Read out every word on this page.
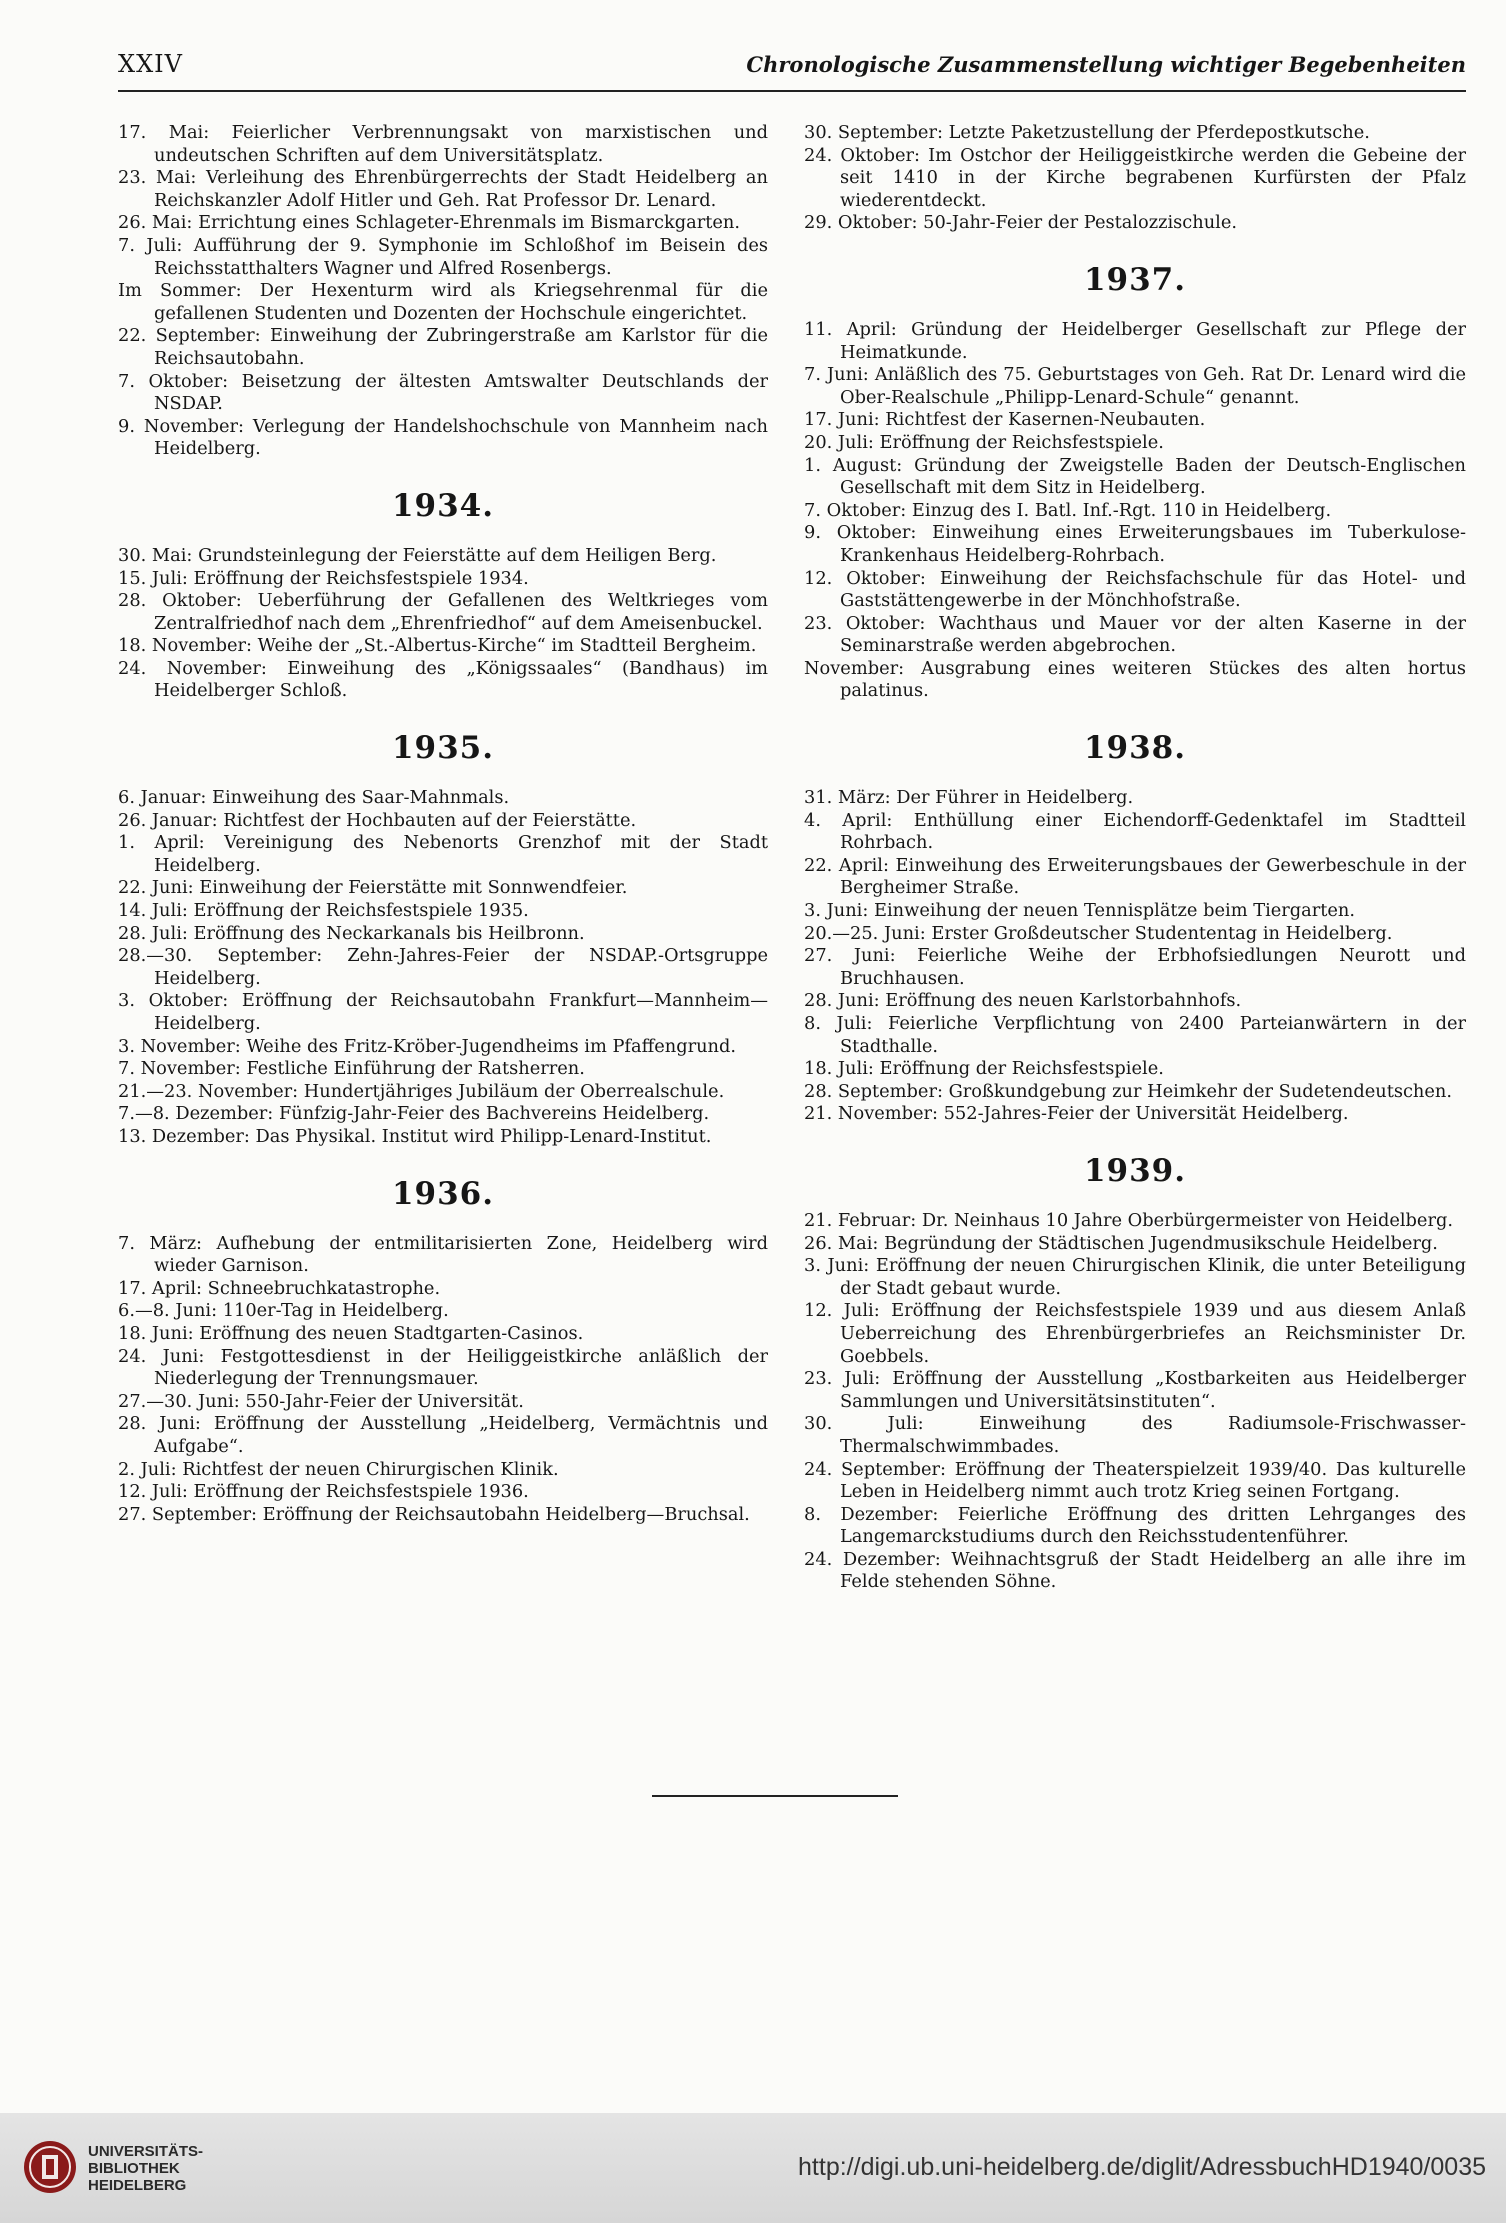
XXIV	Chronologische Zusammenstellung wichtiger Begebenheiten

17. Mai: Feierlicher Verbrennungsakt von marxistischen und undeutschen Schriften auf dem Universitätsplatz.

23. Mai: Verleihung des Ehrenbürgerrechts der Stadt Heidelberg an Reichskanzler Adolf Hitler und Geh. Rat Professor Dr. Lenard.

26. Mai: Errichtung eines Schlageter-Ehrenmals im Bismarckgarten.

7. Juli: Aufführung der 9. Symphonie im Schloßhof im Beisein des Reichsstatthalters Wagner und Alfred Rosenbergs.

Im Sommer: Der Hexenturm wird als Kriegsehrenmal für die gefallenen Studenten und Dozenten der Hochschule eingerichtet.

22. September: Einweihung der Zubringerstraße am Karlstor für die Reichsautobahn.

7. Oktober: Beisetzung der ältesten Amtswalter Deutschlands der NSDAP.

9. November: Verlegung der Handelshochschule von Mannheim nach Heidelberg.

1934.

30. Mai: Grundsteinlegung der Feierstätte auf dem Heiligen Berg.

15. Juli: Eröffnung der Reichsfestspiele 1934.

28. Oktober: Ueberführung der Gefallenen des Weltkrieges vom Zentralfriedhof nach dem „Ehrenfriedhof“ auf dem Ameisenbuckel.

18. November: Weihe der „St.-Albertus-Kirche“ im Stadtteil Bergheim.

24. November: Einweihung des „Königssaales“ (Bandhaus) im Heidelberger Schloß.

1935.

6. Januar: Einweihung des Saar-Mahnmals.

26. Januar: Richtfest der Hochbauten auf der Feierstätte.

1. April: Vereinigung des Nebenorts Grenzhof mit der Stadt Heidelberg.

22. Juni: Einweihung der Feierstätte mit Sonnwendfeier.

14. Juli: Eröffnung der Reichsfestspiele 1935.

28. Juli: Eröffnung des Neckarkanals bis Heilbronn.

28.—30. September: Zehn-Jahres-Feier der NSDAP.-Ortsgruppe Heidelberg.

3. Oktober: Eröffnung der Reichsautobahn Frankfurt—Mannheim—Heidelberg.

3. November: Weihe des Fritz-Kröber-Jugendheims im Pfaffengrund.

7. November: Festliche Einführung der Ratsherren.

21.—23. November: Hundertjähriges Jubiläum der Oberrealschule.

7.—8. Dezember: Fünfzig-Jahr-Feier des Bachvereins Heidelberg.

13. Dezember: Das Physikal. Institut wird Philipp-Lenard-Institut.

1936.

7. März: Aufhebung der entmilitarisierten Zone, Heidelberg wird wieder Garnison.

17. April: Schneebruchkatastrophe.

6.—8. Juni: 110er-Tag in Heidelberg.

18. Juni: Eröffnung des neuen Stadtgarten-Casinos.

24. Juni: Festgottesdienst in der Heiliggeistkirche anläßlich der Niederlegung der Trennungsmauer.

27.—30. Juni: 550-Jahr-Feier der Universität.

28. Juni: Eröffnung der Ausstellung „Heidelberg, Vermächtnis und Aufgabe“.

2. Juli: Richtfest der neuen Chirurgischen Klinik.

12. Juli: Eröffnung der Reichsfestspiele 1936.

27. September: Eröffnung der Reichsautobahn Heidelberg—Bruchsal.

30. September: Letzte Paketzustellung der Pferdepostkutsche.

24. Oktober: Im Ostchor der Heiliggeistkirche werden die Gebeine der seit 1410 in der Kirche begrabenen Kurfürsten der Pfalz wiederentdeckt.

29. Oktober: 50-Jahr-Feier der Pestalozzischule.

1937.

11. April: Gründung der Heidelberger Gesellschaft zur Pflege der Heimatkunde.

7. Juni: Anläßlich des 75. Geburtstages von Geh. Rat Dr. Lenard wird die Ober-Realschule „Philipp-Lenard-Schule“ genannt.

17. Juni: Richtfest der Kasernen-Neubauten.

20. Juli: Eröffnung der Reichsfestspiele.

1. August: Gründung der Zweigstelle Baden der Deutsch-Englischen Gesellschaft mit dem Sitz in Heidelberg.

7. Oktober: Einzug des I. Batl. Inf.-Rgt. 110 in Heidelberg.

9. Oktober: Einweihung eines Erweiterungsbaues im Tuberkulose-Krankenhaus Heidelberg-Rohrbach.

12. Oktober: Einweihung der Reichsfachschule für das Hotel- und Gaststättengewerbe in der Mönchhofstraße.

23. Oktober: Wachthaus und Mauer vor der alten Kaserne in der Seminarstraße werden abgebrochen.

November: Ausgrabung eines weiteren Stückes des alten hortus palatinus.

1938.

31. März: Der Führer in Heidelberg.

4. April: Enthüllung einer Eichendorff-Gedenktafel im Stadtteil Rohrbach.

22. April: Einweihung des Erweiterungsbaues der Gewerbeschule in der Bergheimer Straße.

3. Juni: Einweihung der neuen Tennisplätze beim Tiergarten.

20.—25. Juni: Erster Großdeutscher Studententag in Heidelberg.

27. Juni: Feierliche Weihe der Erbhofsiedlungen Neurott und Bruchhausen.

28. Juni: Eröffnung des neuen Karlstorbahnhofs.

8. Juli: Feierliche Verpflichtung von 2400 Parteianwärtern in der Stadthalle.

18. Juli: Eröffnung der Reichsfestspiele.

28. September: Großkundgebung zur Heimkehr der Sudetendeutschen.

21. November: 552-Jahres-Feier der Universität Heidelberg.

1939.

21. Februar: Dr. Neinhaus 10 Jahre Oberbürgermeister von Heidelberg.

26. Mai: Begründung der Städtischen Jugendmusikschule Heidelberg.

3. Juni: Eröffnung der neuen Chirurgischen Klinik, die unter Beteiligung der Stadt gebaut wurde.

12. Juli: Eröffnung der Reichsfestspiele 1939 und aus diesem Anlaß Ueberreichung des Ehrenbürgerbriefes an Reichsminister Dr. Goebbels.

23. Juli: Eröffnung der Ausstellung „Kostbarkeiten aus Heidelberger Sammlungen und Universitätsinstituten“.

30. Juli: Einweihung des Radiumsole-Frischwasser-Thermalschwimmbades.

24. September: Eröffnung der Theaterspielzeit 1939/40. Das kulturelle Leben in Heidelberg nimmt auch trotz Krieg seinen Fortgang.

8. Dezember: Feierliche Eröffnung des dritten Lehrganges des Langemarckstudiums durch den Reichsstudentenführer.

24. Dezember: Weihnachtsgruß der Stadt Heidelberg an alle ihre im Felde stehenden Söhne.

UNIVERSITÄTS-
BIBLIOTHEK
HEIDELBERG
http://digi.ub.uni-heidelberg.de/diglit/AdressbuchHD1940/0035
